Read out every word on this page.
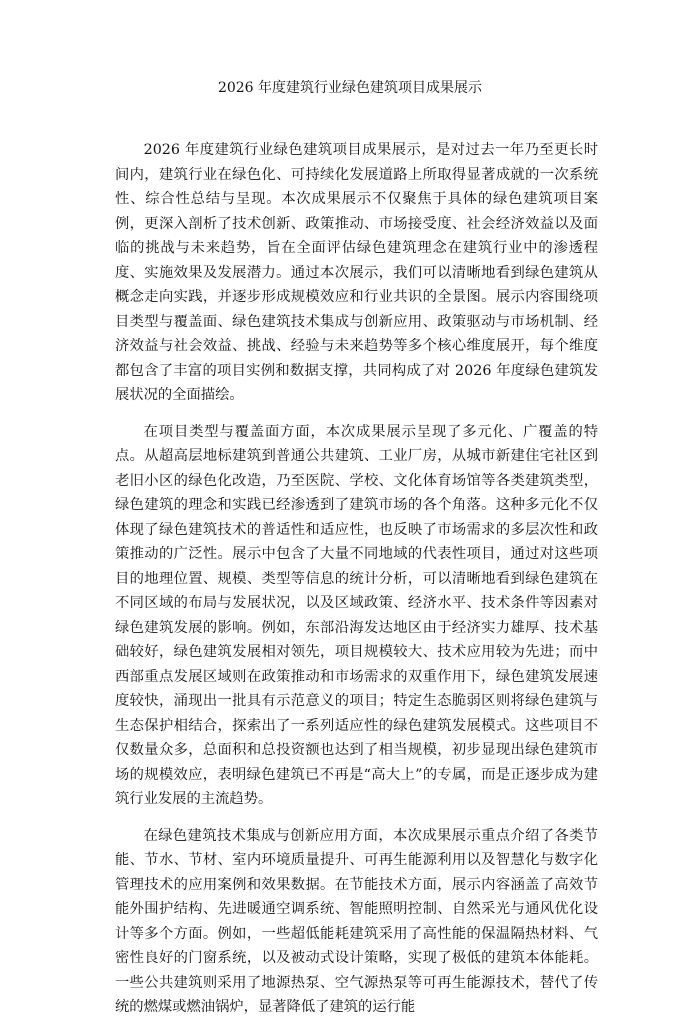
2026 年度建筑行业绿色建筑项目成果展示

2026 年度建筑行业绿色建筑项目成果展示，是对过去一年乃至更长时间内，建筑行业在绿色化、可持续化发展道路上所取得显著成就的一次系统性、综合性总结与呈现。本次成果展示不仅聚焦于具体的绿色建筑项目案例，更深入剖析了技术创新、政策推动、市场接受度、社会经济效益以及面临的挑战与未来趋势，旨在全面评估绿色建筑理念在建筑行业中的渗透程度、实施效果及发展潜力。通过本次展示，我们可以清晰地看到绿色建筑从概念走向实践，并逐步形成规模效应和行业共识的全景图。展示内容围绕项目类型与覆盖面、绿色建筑技术集成与创新应用、政策驱动与市场机制、经济效益与社会效益、挑战、经验与未来趋势等多个核心维度展开，每个维度都包含了丰富的项目实例和数据支撑，共同构成了对 2026 年度绿色建筑发展状况的全面描绘。

在项目类型与覆盖面方面，本次成果展示呈现了多元化、广覆盖的特点。从超高层地标建筑到普通公共建筑、工业厂房，从城市新建住宅社区到老旧小区的绿色化改造，乃至医院、学校、文化体育场馆等各类建筑类型，绿色建筑的理念和实践已经渗透到了建筑市场的各个角落。这种多元化不仅体现了绿色建筑技术的普适性和适应性，也反映了市场需求的多层次性和政策推动的广泛性。展示中包含了大量不同地域的代表性项目，通过对这些项目的地理位置、规模、类型等信息的统计分析，可以清晰地看到绿色建筑在不同区域的布局与发展状况，以及区域政策、经济水平、技术条件等因素对绿色建筑发展的影响。例如，东部沿海发达地区由于经济实力雄厚、技术基础较好，绿色建筑发展相对领先，项目规模较大、技术应用较为先进；而中西部重点发展区域则在政策推动和市场需求的双重作用下，绿色建筑发展速度较快，涌现出一批具有示范意义的项目；特定生态脆弱区则将绿色建筑与生态保护相结合，探索出了一系列适应性的绿色建筑发展模式。这些项目不仅数量众多，总面积和总投资额也达到了相当规模，初步显现出绿色建筑市场的规模效应，表明绿色建筑已不再是“高大上”的专属，而是正逐步成为建筑行业发展的主流趋势。

在绿色建筑技术集成与创新应用方面，本次成果展示重点介绍了各类节能、节水、节材、室内环境质量提升、可再生能源利用以及智慧化与数字化管理技术的应用案例和效果数据。在节能技术方面，展示内容涵盖了高效节能外围护结构、先进暖通空调系统、智能照明控制、自然采光与通风优化设计等多个方面。例如，一些超低能耗建筑采用了高性能的保温隔热材料、气密性良好的门窗系统，以及被动式设计策略，实现了极低的建筑本体能耗。一些公共建筑则采用了地源热泵、空气源热泵等可再生能源技术，替代了传统的燃煤或燃油锅炉，显著降低了建筑的运行能
